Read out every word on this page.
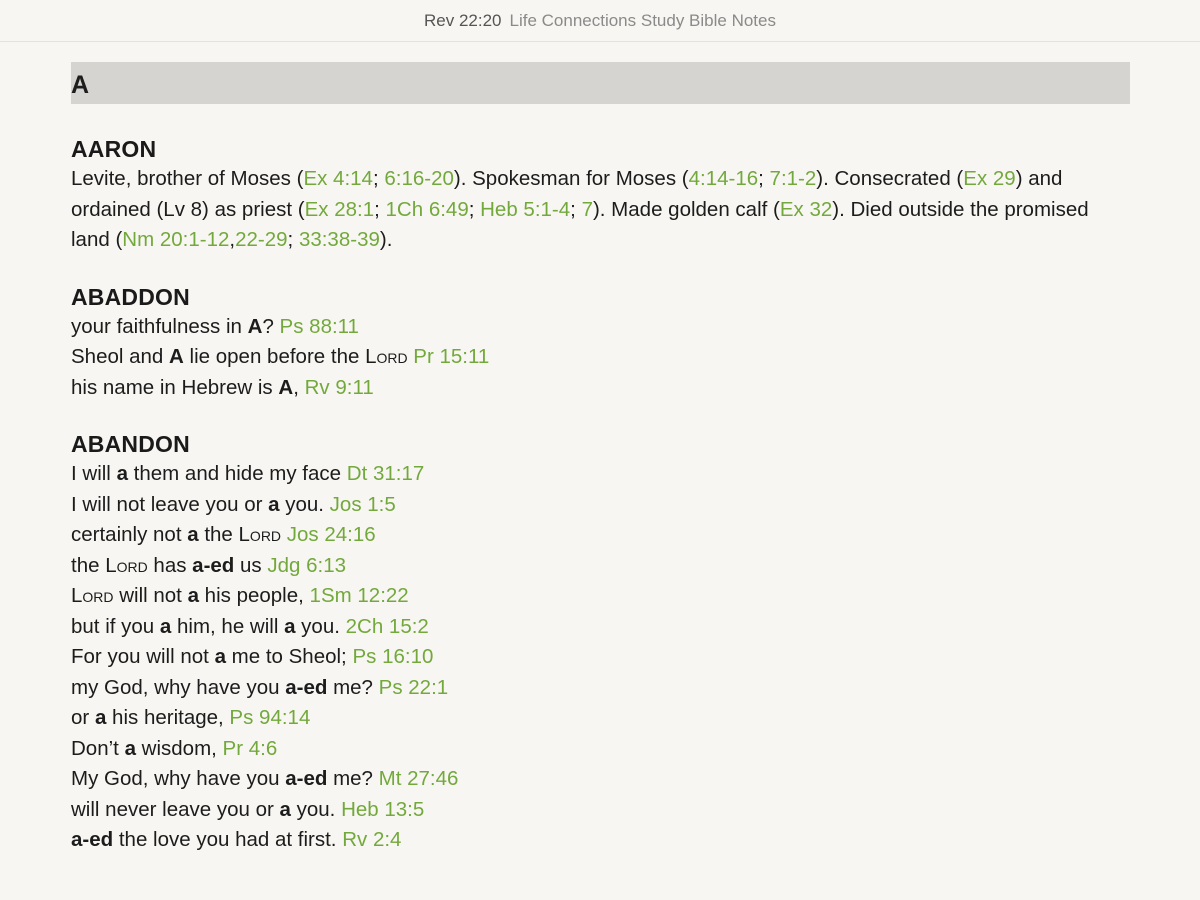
Rev 22:20 Life Connections Study Bible Notes
A
AARON

Levite, brother of Moses (Ex 4:14; 6:16-20). Spokesman for Moses (4:14-16; 7:1-2). Consecrated (Ex 29) and ordained (Lv 8) as priest (Ex 28:1; 1Ch 6:49; Heb 5:1-4; 7). Made golden calf (Ex 32). Died outside the promised land (Nm 20:1-12,22-29; 33:38-39).

ABADDON

your faithfulness in A? Ps 88:11

Sheol and A lie open before the Lord Pr 15:11

his name in Hebrew is A, Rv 9:11

ABANDON

I will a them and hide my face Dt 31:17

I will not leave you or a you. Jos 1:5

certainly not a the Lord Jos 24:16

the Lord has a-ed us Jdg 6:13

Lord will not a his people, 1Sm 12:22

but if you a him, he will a you. 2Ch 15:2

For you will not a me to Sheol; Ps 16:10

my God, why have you a-ed me? Ps 22:1

or a his heritage, Ps 94:14

Don’t a wisdom, Pr 4:6

My God, why have you a-ed me? Mt 27:46

will never leave you or a you. Heb 13:5

a-ed the love you had at first. Rv 2:4
